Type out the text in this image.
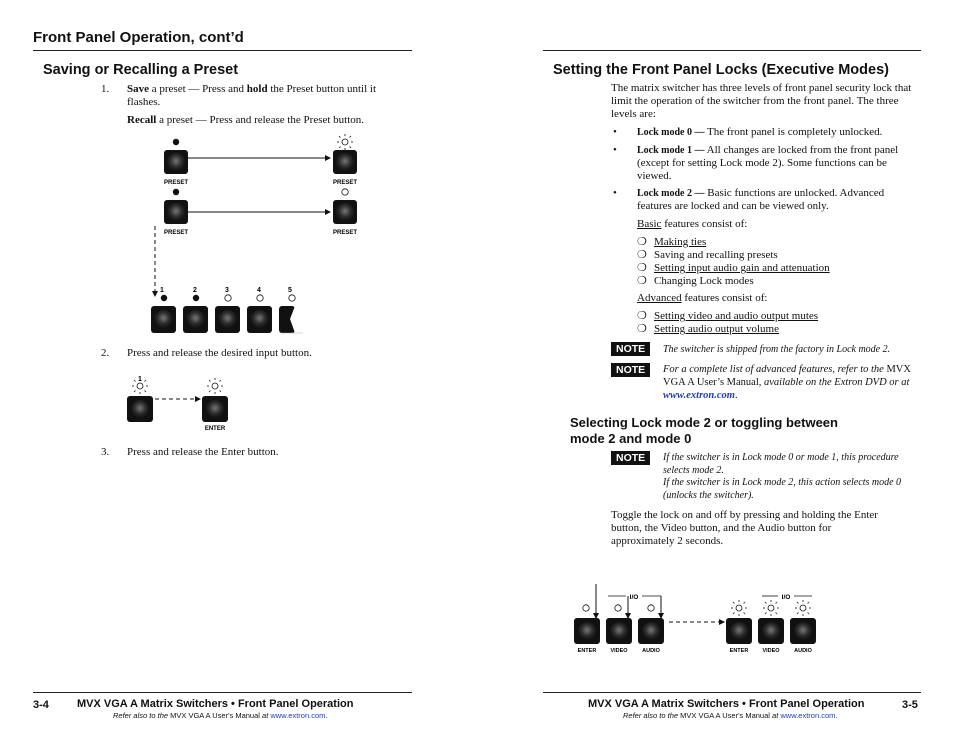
Front Panel Operation, cont’d
Saving or Recalling a Preset
1. Save a preset — Press and hold the Preset button until it flashes.
Recall a preset — Press and release the Preset button.
PRESET	PRESET
PRESET	PRESET
1	2	3	4	5
2. Press and release the desired input button.
1
ENTER
3. Press and release the Enter button.
3-4	MVX VGA A Matrix Switchers • Front Panel Operation
Refer also to the MVX VGA A User's Manual at www.extron.com.
Setting the Front Panel Locks (Executive Modes)
The matrix switcher has three levels of front panel security lock that limit the operation of the switcher from the front panel. The three levels are:
• Lock mode 0 — The front panel is completely unlocked.
• Lock mode 1 — All changes are locked from the front panel (except for setting Lock mode 2). Some functions can be viewed.
• Lock mode 2 — Basic functions are unlocked. Advanced features are locked and can be viewed only.
Basic features consist of:
❍ Making ties
❍ Saving and recalling presets
❍ Setting input audio gain and attenuation
❍ Changing Lock modes
Advanced features consist of:
❍ Setting video and audio output mutes
❍ Setting audio output volume
NOTE	The switcher is shipped from the factory in Lock mode 2.
NOTE	For a complete list of advanced features, refer to the MVX VGA A User’s Manual, available on the Extron DVD or at www.extron.com.
Selecting Lock mode 2 or toggling between
mode 2 and mode 0
NOTE	If the switcher is in Lock mode 0 or mode 1, this procedure selects mode 2.
If the switcher is in Lock mode 2, this action selects mode 0 (unlocks the switcher).
Toggle the lock on and off by pressing and holding the Enter button, the Video button, and the Audio button for approximately 2 seconds.
I/O
ENTER	VIDEO	AUDIO
I/O
ENTER	VIDEO	AUDIO
MVX VGA A Matrix Switchers • Front Panel Operation	3-5
Refer also to the MVX VGA A User's Manual at www.extron.com.
